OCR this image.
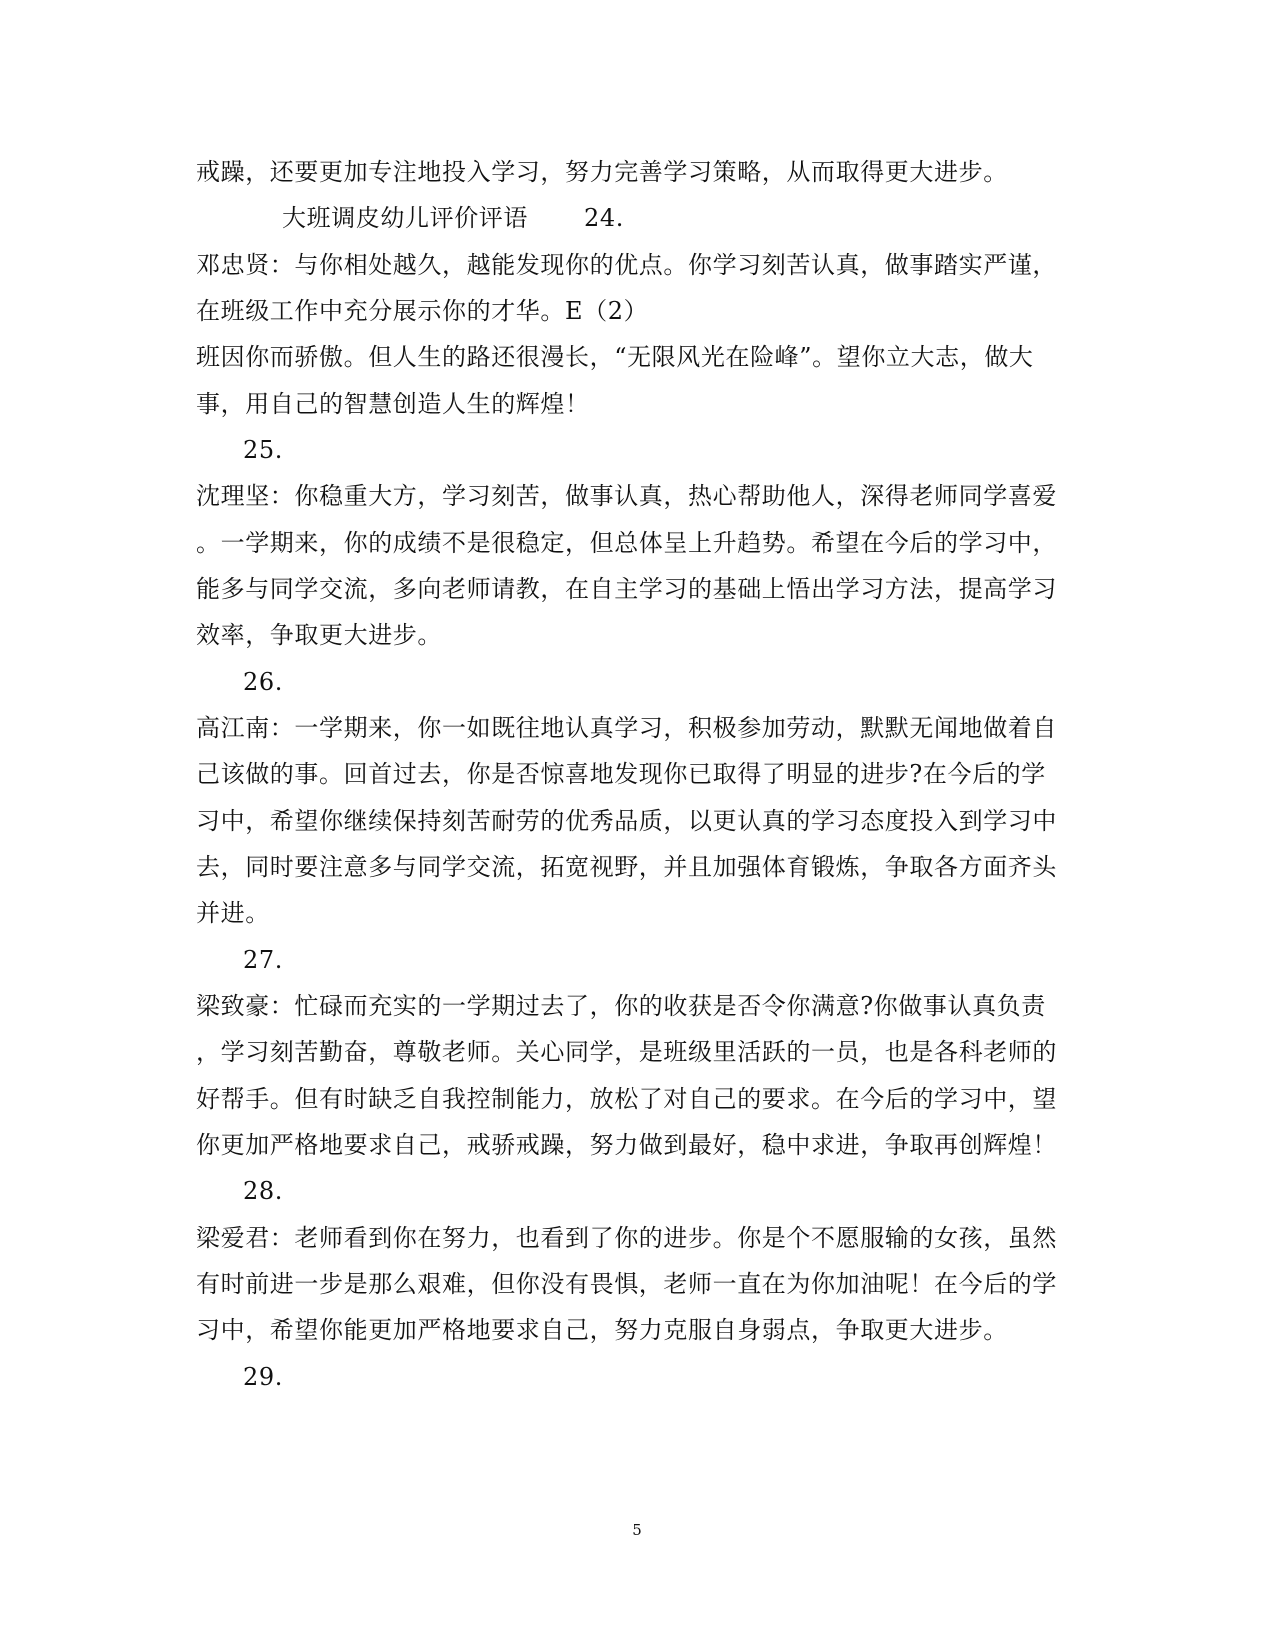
戒躁，还要更加专注地投入学习，努力完善学习策略，从而取得更大进步。
大班调皮幼儿评价评语 24.
邓忠贤：与你相处越久，越能发现你的优点。你学习刻苦认真，做事踏实严谨，
在班级工作中充分展示你的才华。E（2）
班因你而骄傲。但人生的路还很漫长，“无限风光在险峰”。望你立大志，做大
事，用自己的智慧创造人生的辉煌！
25.
沈理坚：你稳重大方，学习刻苦，做事认真，热心帮助他人，深得老师同学喜爱
。一学期来，你的成绩不是很稳定，但总体呈上升趋势。希望在今后的学习中，
能多与同学交流，多向老师请教，在自主学习的基础上悟出学习方法，提高学习
效率，争取更大进步。
26.
高江南：一学期来，你一如既往地认真学习，积极参加劳动，默默无闻地做着自
己该做的事。回首过去，你是否惊喜地发现你已取得了明显的进步?在今后的学
习中，希望你继续保持刻苦耐劳的优秀品质，以更认真的学习态度投入到学习中
去，同时要注意多与同学交流，拓宽视野，并且加强体育锻炼，争取各方面齐头
并进。
27.
梁致豪：忙碌而充实的一学期过去了，你的收获是否令你满意?你做事认真负责
，学习刻苦勤奋，尊敬老师。关心同学，是班级里活跃的一员，也是各科老师的
好帮手。但有时缺乏自我控制能力，放松了对自己的要求。在今后的学习中，望
你更加严格地要求自己，戒骄戒躁，努力做到最好，稳中求进，争取再创辉煌！
28.
梁爱君：老师看到你在努力，也看到了你的进步。你是个不愿服输的女孩，虽然
有时前进一步是那么艰难，但你没有畏惧，老师一直在为你加油呢！在今后的学
习中，希望你能更加严格地要求自己，努力克服自身弱点，争取更大进步。
29.
5
